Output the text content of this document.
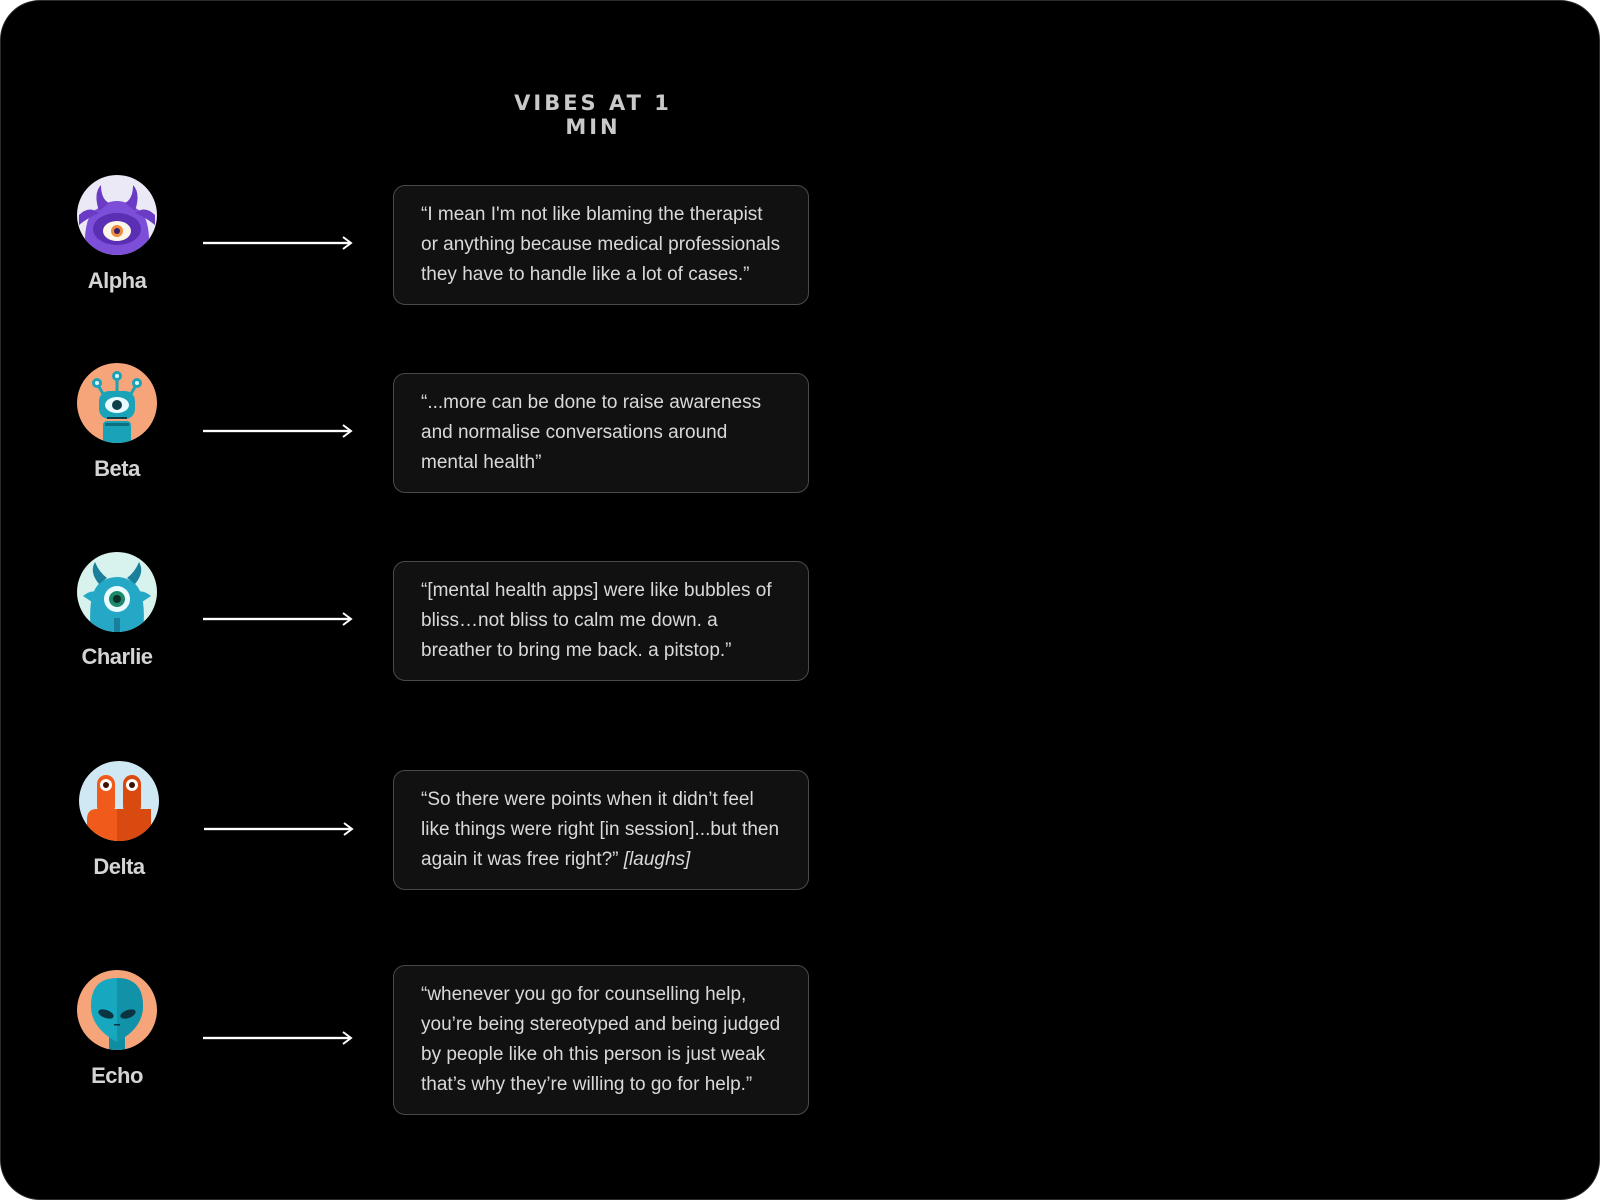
VIBES AT 1 MIN
Alpha
“I mean I'm not like blaming the therapist or anything because medical professionals they have to handle like a lot of cases.”
Beta
“...more can be done to raise awareness and normalise conversations around mental health”
Charlie
“[mental health apps] were like bubbles of bliss…not bliss to calm me down. a breather to bring me back. a pitstop.”
Delta
“So there were points when it didn’t feel like things were right [in session]...but then again it was free right?” [laughs]
Echo
“whenever you go for counselling help, you’re being stereotyped and being judged by people like oh this person is just weak that’s why they’re willing to go for help.”
